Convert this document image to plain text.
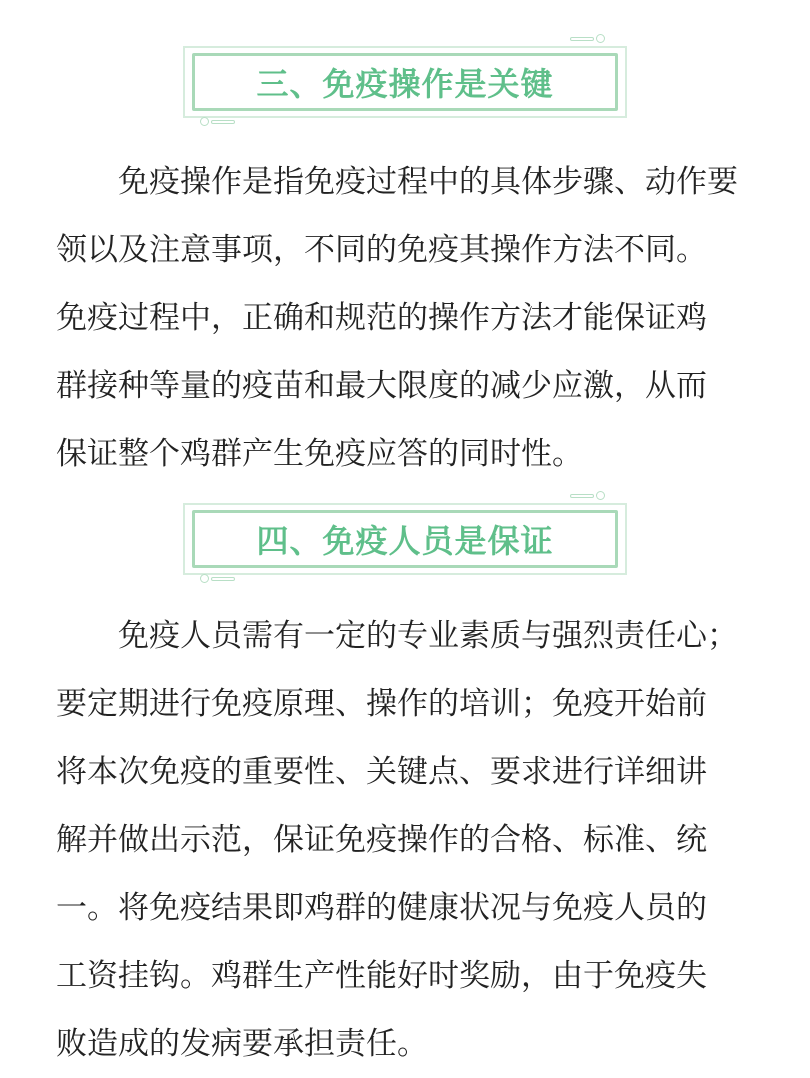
三、免疫操作是关键

　　免疫操作是指免疫过程中的具体步骤、动作要
领以及注意事项，不同的免疫其操作方法不同。
免疫过程中，正确和规范的操作方法才能保证鸡
群接种等量的疫苗和最大限度的减少应激，从而
保证整个鸡群产生免疫应答的同时性。

四、免疫人员是保证

　　免疫人员需有一定的专业素质与强烈责任心；
要定期进行免疫原理、操作的培训；免疫开始前
将本次免疫的重要性、关键点、要求进行详细讲
解并做出示范，保证免疫操作的合格、标准、统
一。将免疫结果即鸡群的健康状况与免疫人员的
工资挂钩。鸡群生产性能好时奖励，由于免疫失
败造成的发病要承担责任。
